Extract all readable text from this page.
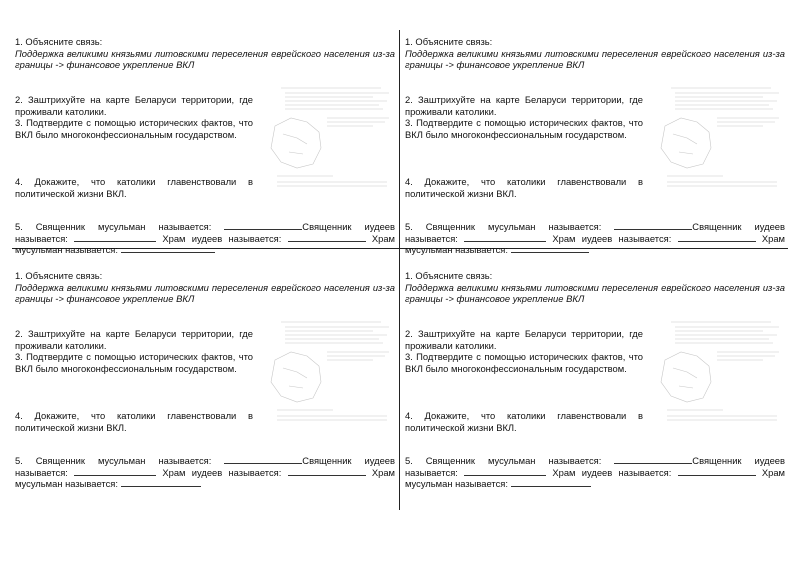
1. Объясните связь:
Поддержка великими князьями литовскими переселения еврейского населения из-за границы -> финансовое укрепление ВКЛ
2. Заштрихуйте на карте Беларуси территории, где проживали католики.
3. Подтвердите с помощью исторических фактов, что ВКЛ было многоконфессиональным государством.
4. Докажите, что католики главенствовали в политической жизни ВКЛ.
5. Священник мусульман называется:	Священник иудеев называется:	Храм иудеев называется:	Храм мусульман называется:
1. Объясните связь:
Поддержка великими князьями литовскими переселения еврейского населения из-за границы -> финансовое укрепление ВКЛ
2. Заштрихуйте на карте Беларуси территории, где проживали католики.
3. Подтвердите с помощью исторических фактов, что ВКЛ было многоконфессиональным государством.
4. Докажите, что католики главенствовали в политической жизни ВКЛ.
5. Священник мусульман называется:	Священник иудеев называется:	Храм иудеев называется:	Храм мусульман называется:
1. Объясните связь:
Поддержка великими князьями литовскими переселения еврейского населения из-за границы -> финансовое укрепление ВКЛ
2. Заштрихуйте на карте Беларуси территории, где проживали католики.
3. Подтвердите с помощью исторических фактов, что ВКЛ было многоконфессиональным государством.
4. Докажите, что католики главенствовали в политической жизни ВКЛ.
5. Священник мусульман называется:	Священник иудеев называется:	Храм иудеев называется:	Храм мусульман называется:
1. Объясните связь:
Поддержка великими князьями литовскими переселения еврейского населения из-за границы -> финансовое укрепление ВКЛ
2. Заштрихуйте на карте Беларуси территории, где проживали католики.
3. Подтвердите с помощью исторических фактов, что ВКЛ было многоконфессиональным государством.
4. Докажите, что католики главенствовали в политической жизни ВКЛ.
5. Священник мусульман называется:	Священник иудеев называется:	Храм иудеев называется:	Храм мусульман называется:
